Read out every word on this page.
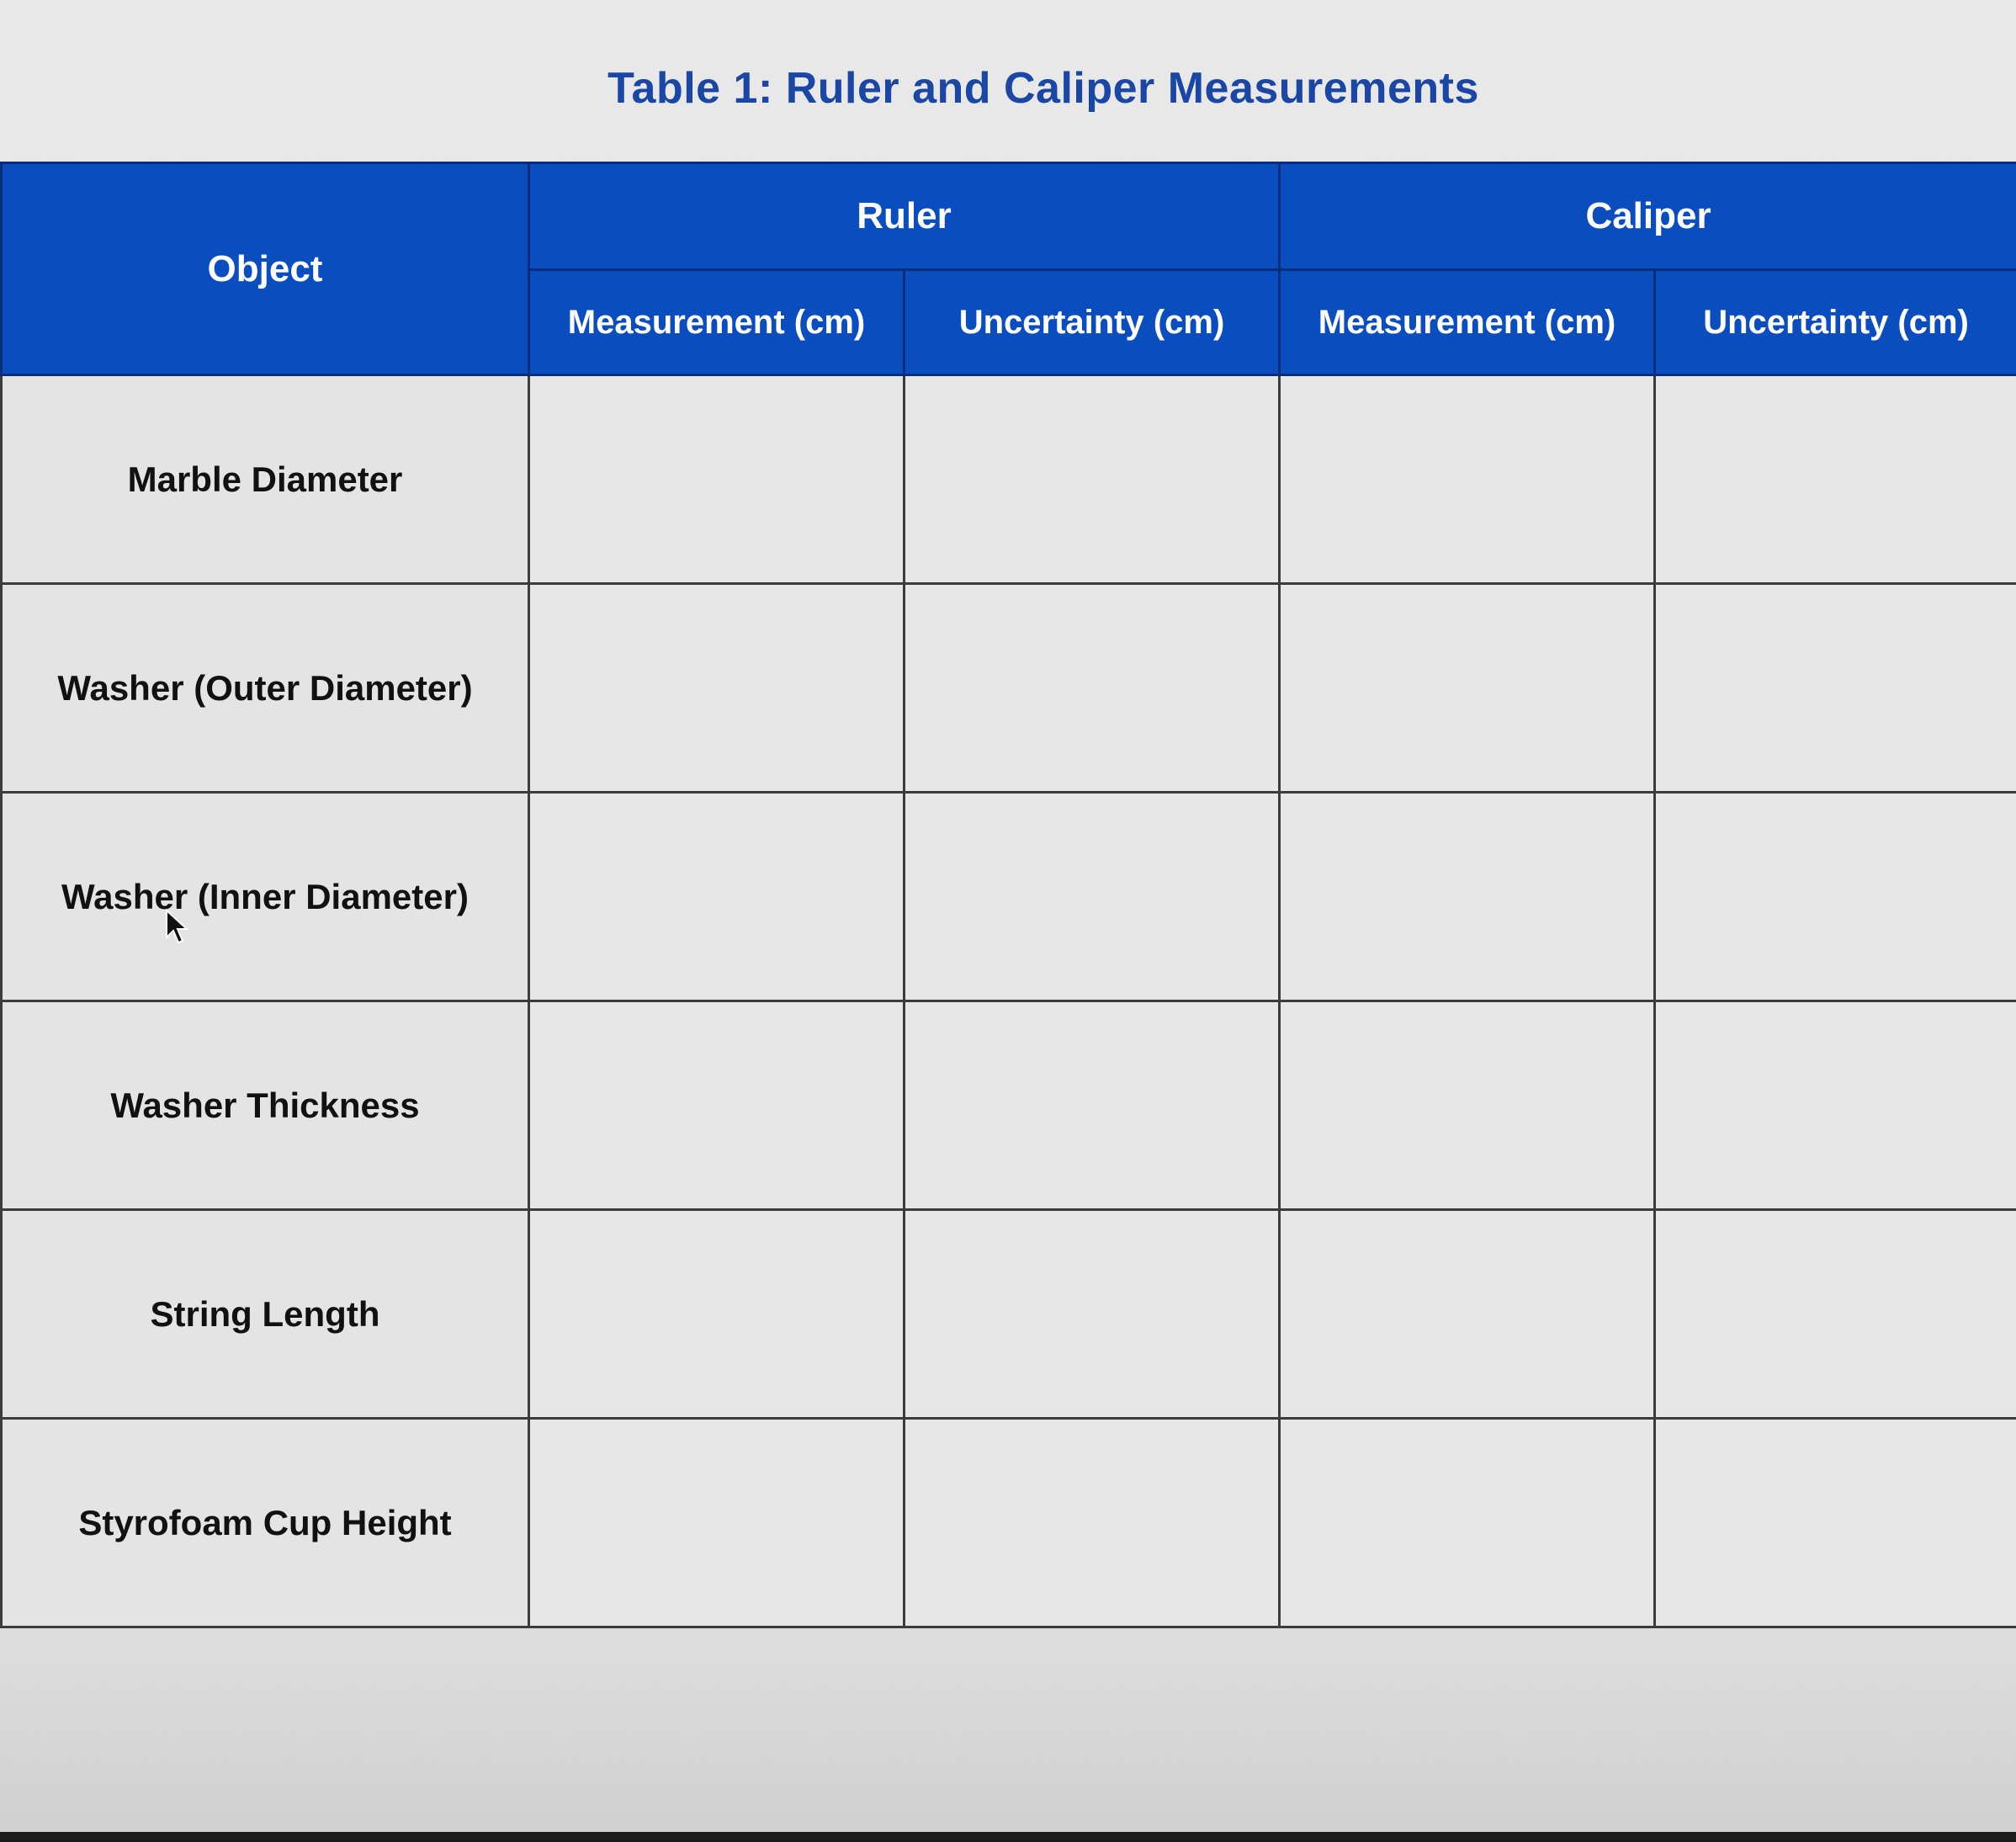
Table 1: Ruler and Caliper Measurements
Object	Ruler		Caliper	
	Measurement (cm)	Uncertainty (cm)	Measurement (cm)	Uncertainty (cm)
Marble Diameter				
Washer (Outer Diameter)				
Washer (Inner Diameter)				
Washer Thickness				
String Length				
Styrofoam Cup Height				
